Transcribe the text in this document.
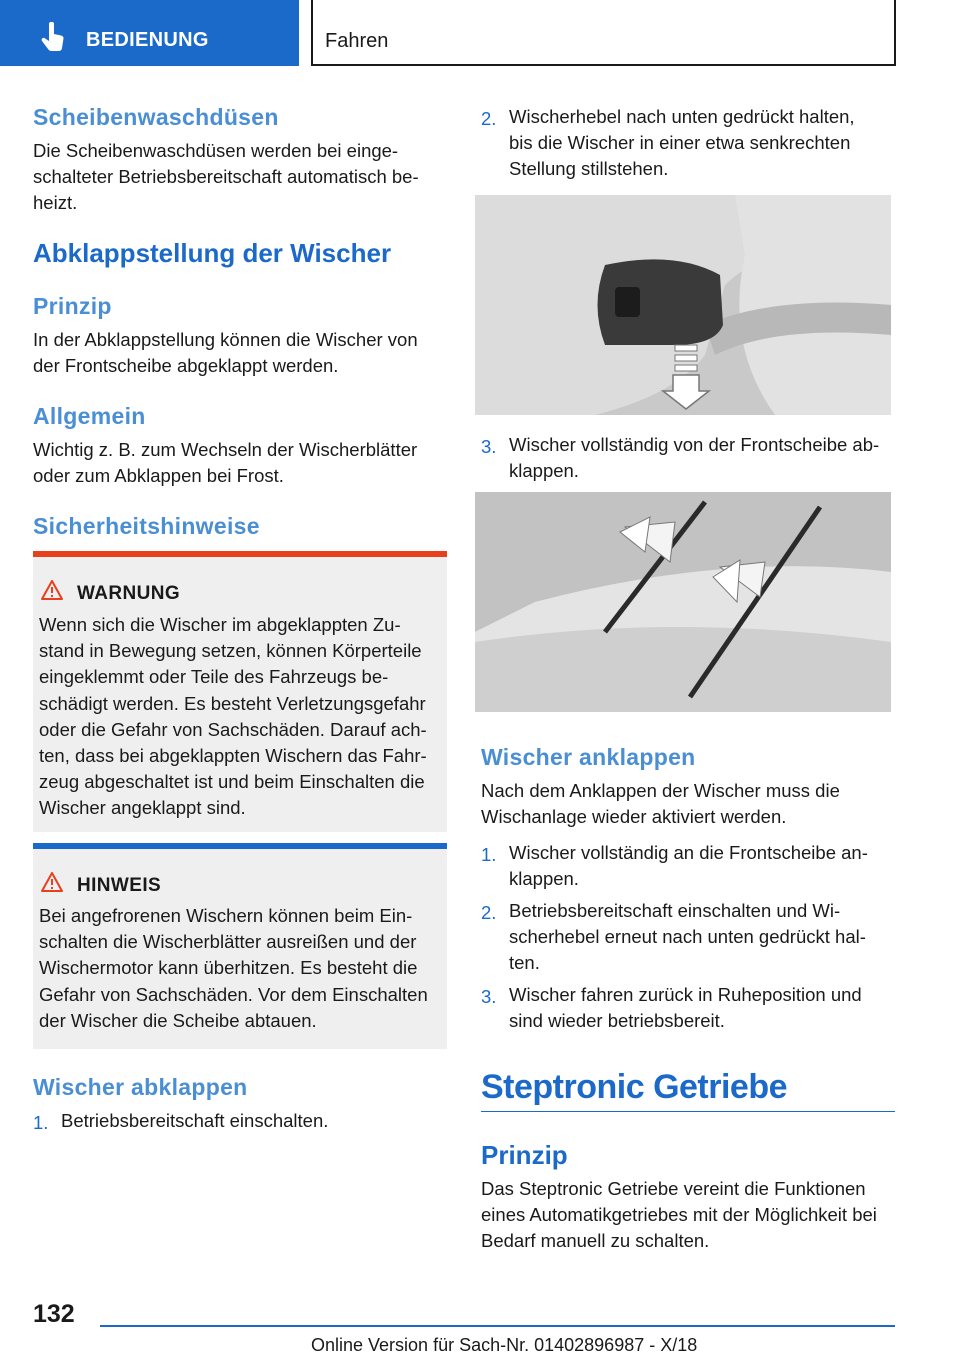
BEDIENUNG	Fahren
Scheibenwaschdüsen
Die Scheibenwaschdüsen werden bei einge-
schalteter Betriebsbereitschaft automatisch be-
heizt.
Abklappstellung der Wischer
Prinzip
In der Abklappstellung können die Wischer von
der Frontscheibe abgeklappt werden.
Allgemein
Wichtig z. B. zum Wechseln der Wischerblätter
oder zum Abklappen bei Frost.
Sicherheitshinweise
WARNUNG
Wenn sich die Wischer im abgeklappten Zu-
stand in Bewegung setzen, können Körperteile
eingeklemmt oder Teile des Fahrzeugs be-
schädigt werden. Es besteht Verletzungsgefahr
oder die Gefahr von Sachschäden. Darauf ach-
ten, dass bei abgeklappten Wischern das Fahr-
zeug abgeschaltet ist und beim Einschalten die
Wischer angeklappt sind.
HINWEIS
Bei angefrorenen Wischern können beim Ein-
schalten die Wischerblätter ausreißen und der
Wischermotor kann überhitzen. Es besteht die
Gefahr von Sachschäden. Vor dem Einschalten
der Wischer die Scheibe abtauen.
Wischer abklappen
1. Betriebsbereitschaft einschalten.
2. Wischerhebel nach unten gedrückt halten,
bis die Wischer in einer etwa senkrechten
Stellung stillstehen.
3. Wischer vollständig von der Frontscheibe ab-
klappen.
Wischer anklappen
Nach dem Anklappen der Wischer muss die
Wischanlage wieder aktiviert werden.
1. Wischer vollständig an die Frontscheibe an-
klappen.
2. Betriebsbereitschaft einschalten und Wi-
scherhebel erneut nach unten gedrückt hal-
ten.
3. Wischer fahren zurück in Ruheposition und
sind wieder betriebsbereit.
Steptronic Getriebe
Prinzip
Das Steptronic Getriebe vereint die Funktionen
eines Automatikgetriebes mit der Möglichkeit bei
Bedarf manuell zu schalten.
132
Online Version für Sach-Nr. 01402896987 - X/18
